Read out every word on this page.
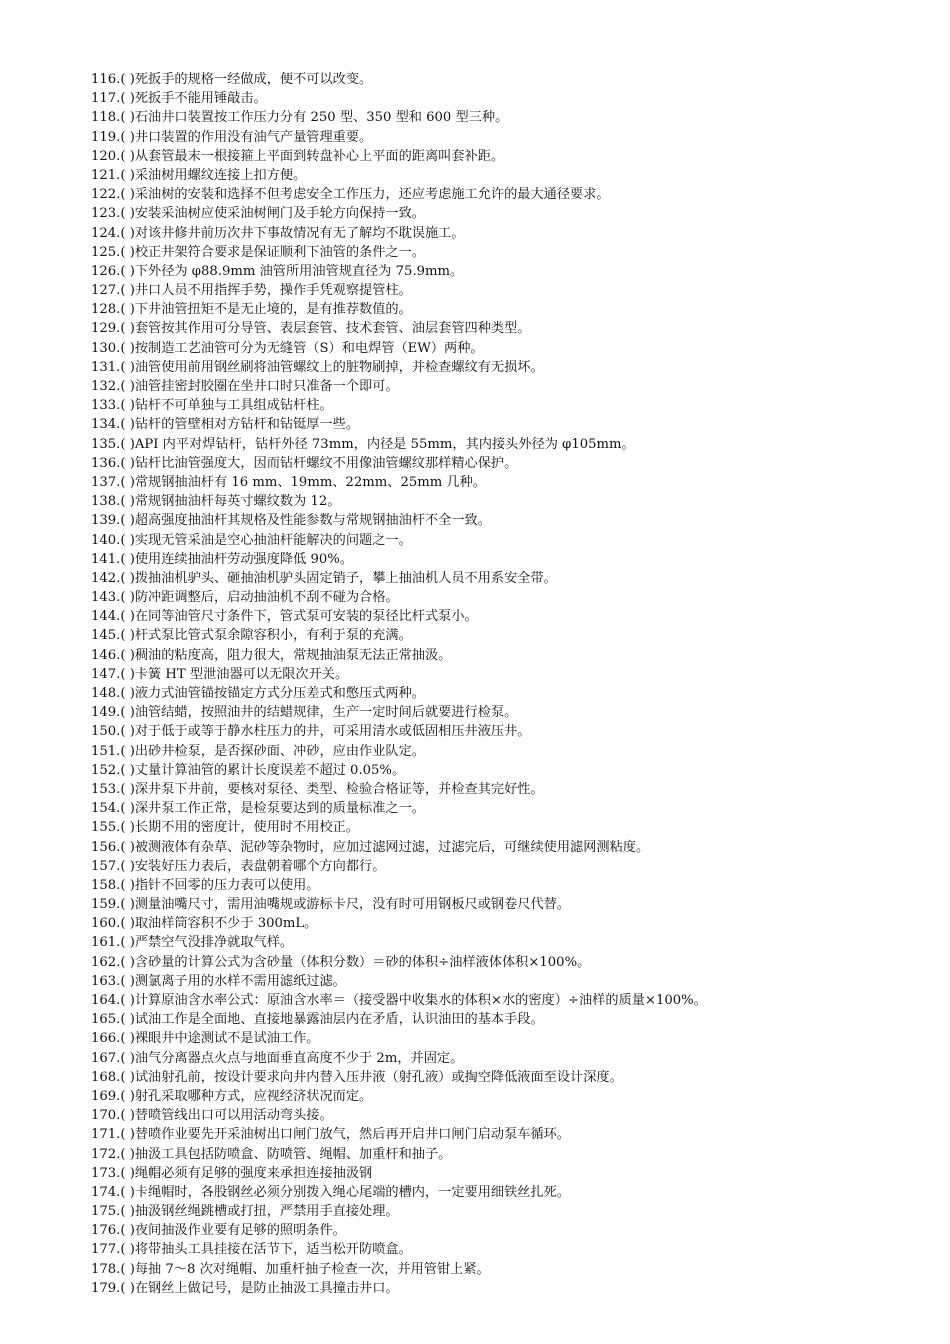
116.( )死扳手的规格一经做成，便不可以改变。
117.( )死扳手不能用锤敲击。
118.( )石油井口装置按工作压力分有 250 型、350 型和 600 型三种。
119.( )井口装置的作用没有油气产量管理重要。
120.( )从套管最末一根接箍上平面到转盘补心上平面的距离叫套补距。
121.( )采油树用螺纹连接上扣方便。
122.( )采油树的安装和选择不但考虑安全工作压力，还应考虑施工允许的最大通径要求。
123.( )安装采油树应使采油树闸门及手轮方向保持一致。
124.( )对该井修井前历次井下事故情况有无了解均不耽误施工。
125.( )校正井架符合要求是保证顺利下油管的条件之一。
126.( )下外径为 φ88.9mm 油管所用油管规直径为 75.9mm。
127.( )井口人员不用指挥手势，操作手凭观察提管柱。
128.( )下井油管扭矩不是无止境的，是有推荐数值的。
129.( )套管按其作用可分导管、表层套管、技术套管、油层套管四种类型。
130.( )按制造工艺油管可分为无缝管（S）和电焊管（EW）两种。
131.( )油管使用前用钢丝刷将油管螺纹上的脏物刷掉，并检查螺纹有无损坏。
132.( )油管挂密封胶圈在坐井口时只准备一个即可。
133.( )钻杆不可单独与工具组成钻杆柱。
134.( )钻杆的管壁相对方钻杆和钻铤厚一些。
135.( )API 内平对焊钻杆，钻杆外径 73mm，内径是 55mm，其内接头外径为 φ105mm。
136.( )钻杆比油管强度大，因而钻杆螺纹不用像油管螺纹那样精心保护。
137.( )常规钢抽油杆有 16 mm、19mm、22mm、25mm 几种。
138.( )常规钢抽油杆每英寸螺纹数为 12。
139.( )超高强度抽油杆其规格及性能参数与常规钢抽油杆不全一致。
140.( )实现无管采油是空心抽油杆能解决的问题之一。
141.( )使用连续抽油杆劳动强度降低 90%。
142.( )拨抽油机驴头、砸抽油机驴头固定销子，攀上抽油机人员不用系安全带。
143.( )防冲距调整后，启动抽油机不刮不碰为合格。
144.( )在同等油管尺寸条件下，管式泵可安装的泵径比杆式泵小。
145.( )杆式泵比管式泵余隙容积小，有利于泵的充满。
146.( )稠油的粘度高，阻力很大，常规抽油泵无法正常抽汲。
147.( )卡簧 HT 型泄油器可以无限次开关。
148.( )液力式油管锚按锚定方式分压差式和憋压式两种。
149.( )油管结蜡，按照油井的结蜡规律，生产一定时间后就要进行检泵。
150.( )对于低于或等于静水柱压力的井，可采用清水或低固相压井液压井。
151.( )出砂井检泵，是否探砂面、冲砂，应由作业队定。
152.( )丈量计算油管的累计长度误差不超过 0.05%。
153.( )深井泵下井前，要核对泵径、类型、检验合格证等，并检查其完好性。
154.( )深井泵工作正常，是检泵要达到的质量标准之一。
155.( )长期不用的密度计，使用时不用校正。
156.( )被测液体有杂草、泥砂等杂物时，应加过滤网过滤，过滤完后，可继续使用滤网测粘度。
157.( )安装好压力表后，表盘朝着哪个方向都行。
158.( )指针不回零的压力表可以使用。
159.( )测量油嘴尺寸，需用油嘴规或游标卡尺，没有时可用钢板尺或钢卷尺代替。
160.( )取油样筒容积不少于 300mL。
161.( )严禁空气没排净就取气样。
162.( )含砂量的计算公式为含砂量（体积分数）＝砂的体积÷油样液体体积×100%。
163.( )测氯离子用的水样不需用滤纸过滤。
164.( )计算原油含水率公式：原油含水率＝（接受器中收集水的体积×水的密度）÷油样的质量×100%。
165.( )试油工作是全面地、直接地暴露油层内在矛盾，认识油田的基本手段。
166.( )裸眼井中途测试不是试油工作。
167.( )油气分离器点火点与地面垂直高度不少于 2m，并固定。
168.( )试油射孔前，按设计要求向井内替入压井液（射孔液）或掏空降低液面至设计深度。
169.( )射孔采取哪种方式，应视经济状况而定。
170.( )替喷管线出口可以用活动弯头接。
171.( )替喷作业要先开采油树出口闸门放气，然后再开启井口闸门启动泵车循环。
172.( )抽汲工具包括防喷盒、防喷管、绳帽、加重杆和抽子。
173.( )绳帽必须有足够的强度来承担连接抽汲钢
174.( )卡绳帽时，各股钢丝必须分别拨入绳心尾端的槽内，一定要用细铁丝扎死。
175.( )抽汲钢丝绳跳槽或打扭，严禁用手直接处理。
176.( )夜间抽汲作业要有足够的照明条件。
177.( )将带抽头工具挂接在活节下，适当松开防喷盒。
178.( )每抽 7～8 次对绳帽、加重杆抽子检查一次，并用管钳上紧。
179.( )在钢丝上做记号，是防止抽汲工具撞击井口。
